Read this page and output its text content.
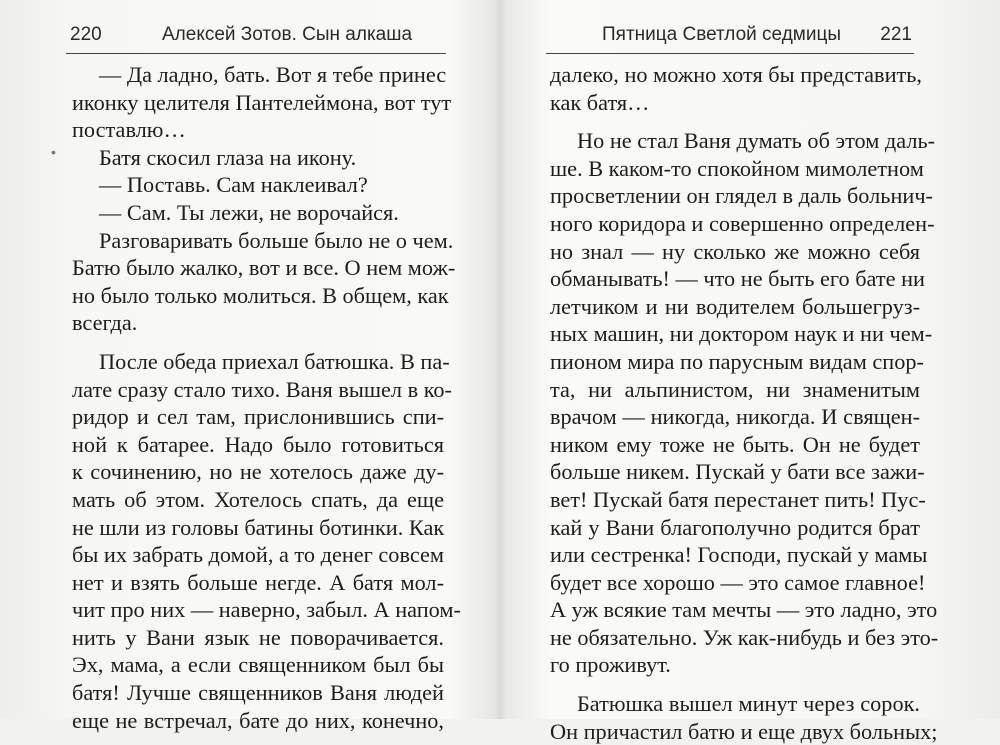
220	Алексей Зотов. Сын алкаша
•
— Да ладно, бать. Вот я тебе принес
иконку целителя Пантелеймона, вот тут
поставлю…
Батя скосил глаза на икону.
— Поставь. Сам наклеивал?
— Сам. Ты лежи, не ворочайся.
Разговаривать больше было не о чем.
Батю было жалко, вот и все. О нем мож-
но было только молиться. В общем, как
всегда.
После обеда приехал батюшка. В па-
лате сразу стало тихо. Ваня вышел в ко-
ридор и сел там, прислонившись спи-
ной к батарее. Надо было готовиться
к сочинению, но не хотелось даже ду-
мать об этом. Хотелось спать, да еще
не шли из головы батины ботинки. Как
бы их забрать домой, а то денег совсем
нет и взять больше негде. А батя мол-
чит про них — наверно, забыл. А напом-
нить у Вани язык не поворачивается.
Эх, мама, а если священником был бы
батя! Лучше священников Ваня людей
еще не встречал, бате до них, конечно,
Пятница Светлой седмицы 221
далеко, но можно хотя бы представить,
как батя…
Но не стал Ваня думать об этом даль-
ше. В каком-то спокойном мимолетном
просветлении он глядел в даль больнич-
ного коридора и совершенно определен-
но знал — ну сколько же можно себя
обманывать! — что не быть его бате ни
летчиком и ни водителем большегруз-
ных машин, ни доктором наук и ни чем-
пионом мира по парусным видам спор-
та, ни альпинистом, ни знаменитым
врачом — никогда, никогда. И священ-
ником ему тоже не быть. Он не будет
больше никем. Пускай у бати все зажи-
вет! Пускай батя перестанет пить! Пус-
кай у Вани благополучно родится брат
или сестренка! Господи, пускай у мамы
будет все хорошо — это самое главное!
А уж всякие там мечты — это ладно, это
не обязательно. Уж как-нибудь и без это-
го проживут.
Батюшка вышел минут через сорок.
Он причастил батю и еще двух больных;
